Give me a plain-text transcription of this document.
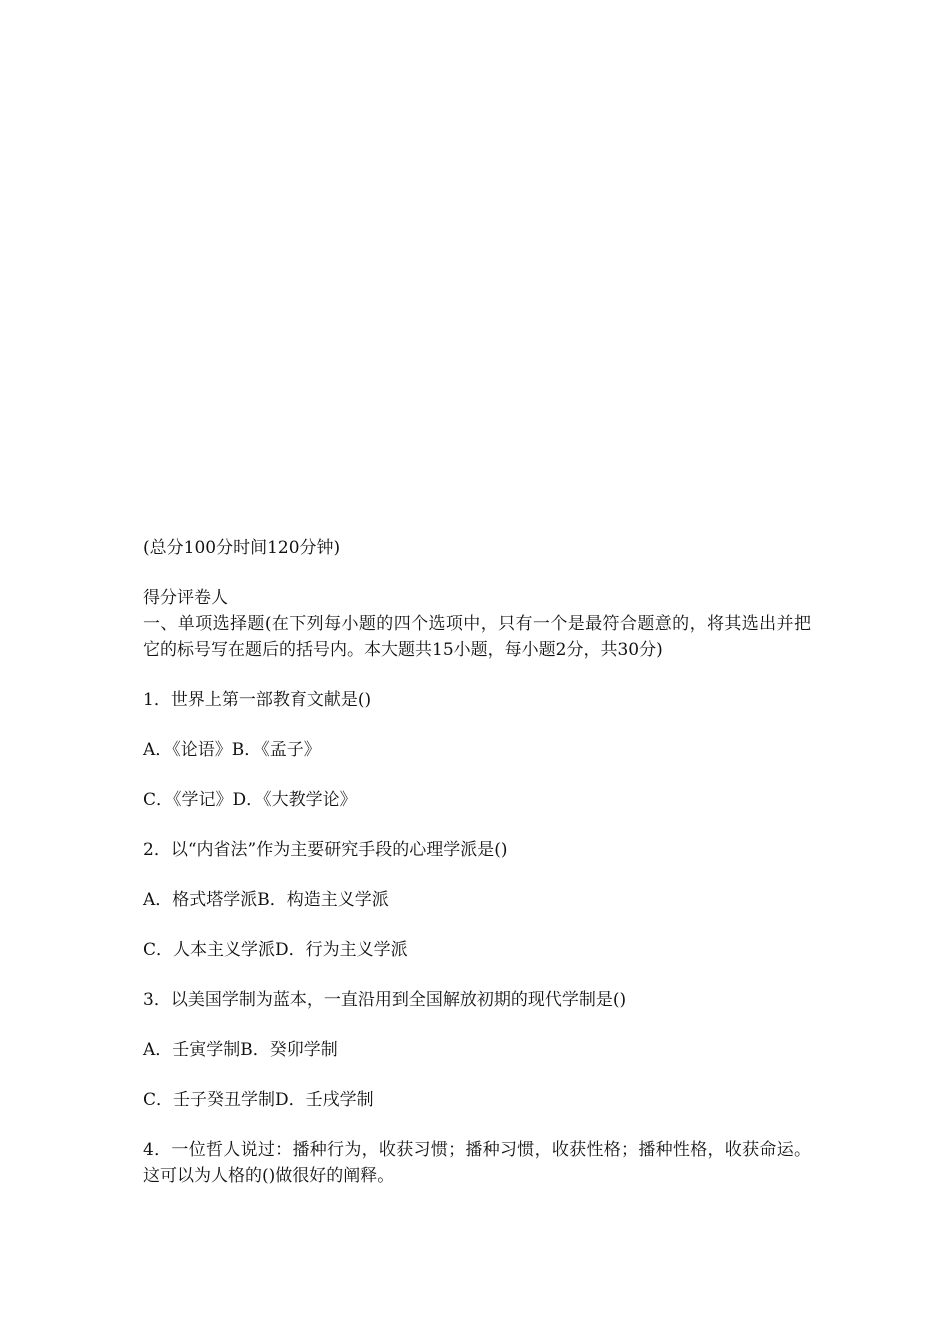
(总分100分时间120分钟)

得分评卷人

一、单项选择题(在下列每小题的四个选项中，只有一个是最符合题意的，将其选出并把它的标号写在题后的括号内。本大题共15小题，每小题2分，共30分)

1．世界上第一部教育文献是()

A．《论语》B．《孟子》

C．《学记》D．《大教学论》

2．以“内省法”作为主要研究手段的心理学派是()

A．格式塔学派B．构造主义学派

C．人本主义学派D．行为主义学派

3．以美国学制为蓝本，一直沿用到全国解放初期的现代学制是()

A．壬寅学制B．癸卯学制

C．壬子癸丑学制D．壬戌学制

4．一位哲人说过：播种行为，收获习惯；播种习惯，收获性格；播种性格，收获命运。这可以为人格的()做很好的阐释。
